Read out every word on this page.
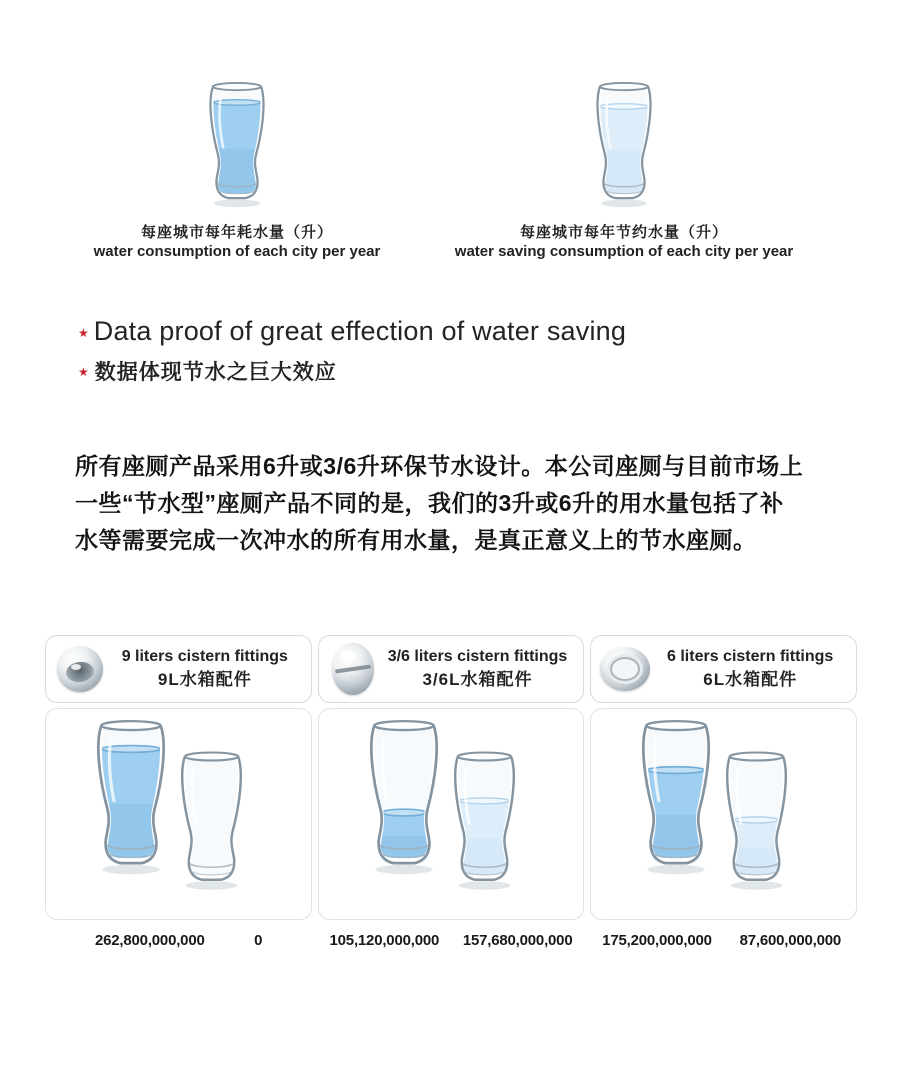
每座城市每年耗水量（升）
water consumption of each city per year
每座城市每年节约水量（升）
water saving consumption of each city per year
★ Data proof of great effection of water saving
★ 数据体现节水之巨大效应
所有座厕产品采用6升或3/6升环保节水设计。本公司座厕与目前市场上
一些“节水型”座厕产品不同的是，我们的3升或6升的用水量包括了补
水等需要完成一次冲水的所有用水量，是真正意义上的节水座厕。
9 liters cistern fittings
9L水箱配件
262,800,000,000	0
3/6 liters cistern fittings
3/6L水箱配件
105,120,000,000	157,680,000,000
6 liters cistern fittings
6L水箱配件
175,200,000,000	87,600,000,000
